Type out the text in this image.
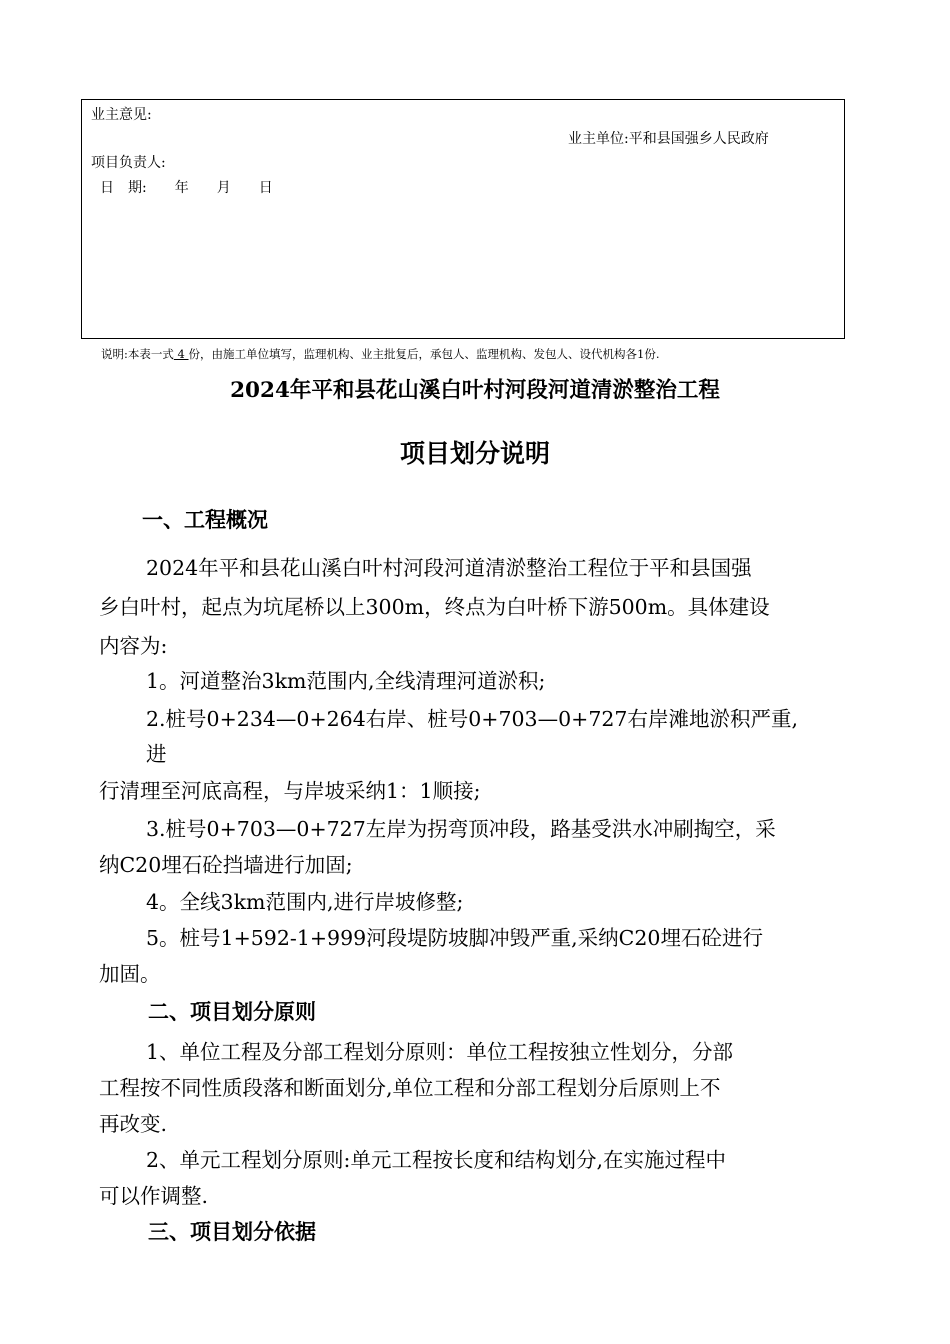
业主意见:
业主单位:平和县国强乡人民政府
项目负责人:
日　期:　　年　　月　　日
说明:本表一式 4 份，由施工单位填写，监理机构、业主批复后，承包人、监理机构、发包人、设代机构各1份.
2024年平和县花山溪白叶村河段河道清淤整治工程
项目划分说明
一、工程概况
2024年平和县花山溪白叶村河段河道清淤整治工程位于平和县国强
乡白叶村，起点为坑尾桥以上300m，终点为白叶桥下游500m。具体建设
内容为:
1。河道整治3km范围内,全线清理河道淤积;
2.桩号0+234—0+264右岸、桩号0+703—0+727右岸滩地淤积严重,
进
行清理至河底高程，与岸坡采纳1：1顺接;
3.桩号0+703—0+727左岸为拐弯顶冲段，路基受洪水冲刷掏空，采
纳C20埋石砼挡墙进行加固;
4。全线3km范围内,进行岸坡修整;
5。桩号1+592-1+999河段堤防坡脚冲毁严重,采纳C20埋石砼进行
加固。
二、项目划分原则
1、单位工程及分部工程划分原则：单位工程按独立性划分，分部
工程按不同性质段落和断面划分,单位工程和分部工程划分后原则上不
再改变.
2、单元工程划分原则:单元工程按长度和结构划分,在实施过程中
可以作调整.
三、项目划分依据
